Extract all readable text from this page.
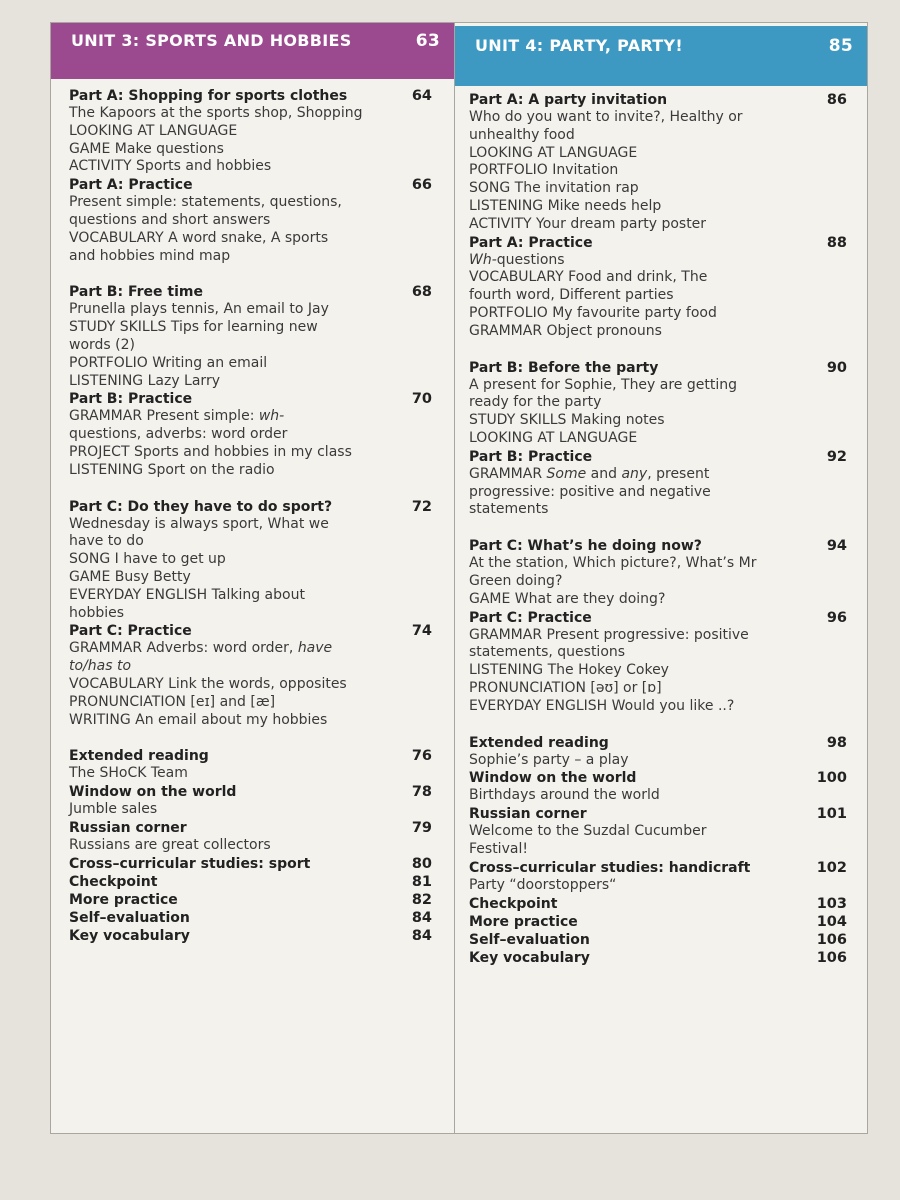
UNIT 3: SPORTS AND HOBBIES	63
Part A: Shopping for sports clothes	64
The Kapoors at the sports shop, Shopping
LOOKING AT LANGUAGE
GAME Make questions
ACTIVITY Sports and hobbies
Part A: Practice	66
Present simple: statements, questions,
questions and short answers
VOCABULARY A word snake, A sports
and hobbies mind map
Part B: Free time	68
Prunella plays tennis, An email to Jay
STUDY SKILLS Tips for learning new
words (2)
PORTFOLIO Writing an email
LISTENING Lazy Larry
Part B: Practice	70
GRAMMAR Present simple: wh-
questions, adverbs: word order
PROJECT Sports and hobbies in my class
LISTENING Sport on the radio
Part C: Do they have to do sport?	72
Wednesday is always sport, What we
have to do
SONG I have to get up
GAME Busy Betty
EVERYDAY ENGLISH Talking about
hobbies
Part C: Practice	74
GRAMMAR Adverbs: word order, have
to/has to
VOCABULARY Link the words, opposites
PRONUNCIATION [eɪ] and [æ]
WRITING An email about my hobbies
Extended reading	76
The SHoCK Team
Window on the world	78
Jumble sales
Russian corner	79
Russians are great collectors
Cross–curricular studies: sport	80
Checkpoint	81
More practice	82
Self–evaluation	84
Key vocabulary	84
UNIT 4: PARTY, PARTY!	85
Part A: A party invitation	86
Who do you want to invite?, Healthy or
unhealthy food
LOOKING AT LANGUAGE
PORTFOLIO Invitation
SONG The invitation rap
LISTENING Mike needs help
ACTIVITY Your dream party poster
Part A: Practice	88
Wh-questions
VOCABULARY Food and drink, The
fourth word, Different parties
PORTFOLIO My favourite party food
GRAMMAR Object pronouns
Part B: Before the party	90
A present for Sophie, They are getting
ready for the party
STUDY SKILLS Making notes
LOOKING AT LANGUAGE
Part B: Practice	92
GRAMMAR Some and any, present
progressive: positive and negative
statements
Part C: What’s he doing now?	94
At the station, Which picture?, What’s Mr
Green doing?
GAME What are they doing?
Part C: Practice	96
GRAMMAR Present progressive: positive
statements, questions
LISTENING The Hokey Cokey
PRONUNCIATION [əʊ] or [ɒ]
EVERYDAY ENGLISH Would you like ..?
Extended reading	98
Sophie’s party – a play
Window on the world	100
Birthdays around the world
Russian corner	101
Welcome to the Suzdal Cucumber
Festival!
Cross–curricular studies: handicraft	102
Party “doorstoppers“
Checkpoint	103
More practice	104
Self–evaluation	106
Key vocabulary	106
